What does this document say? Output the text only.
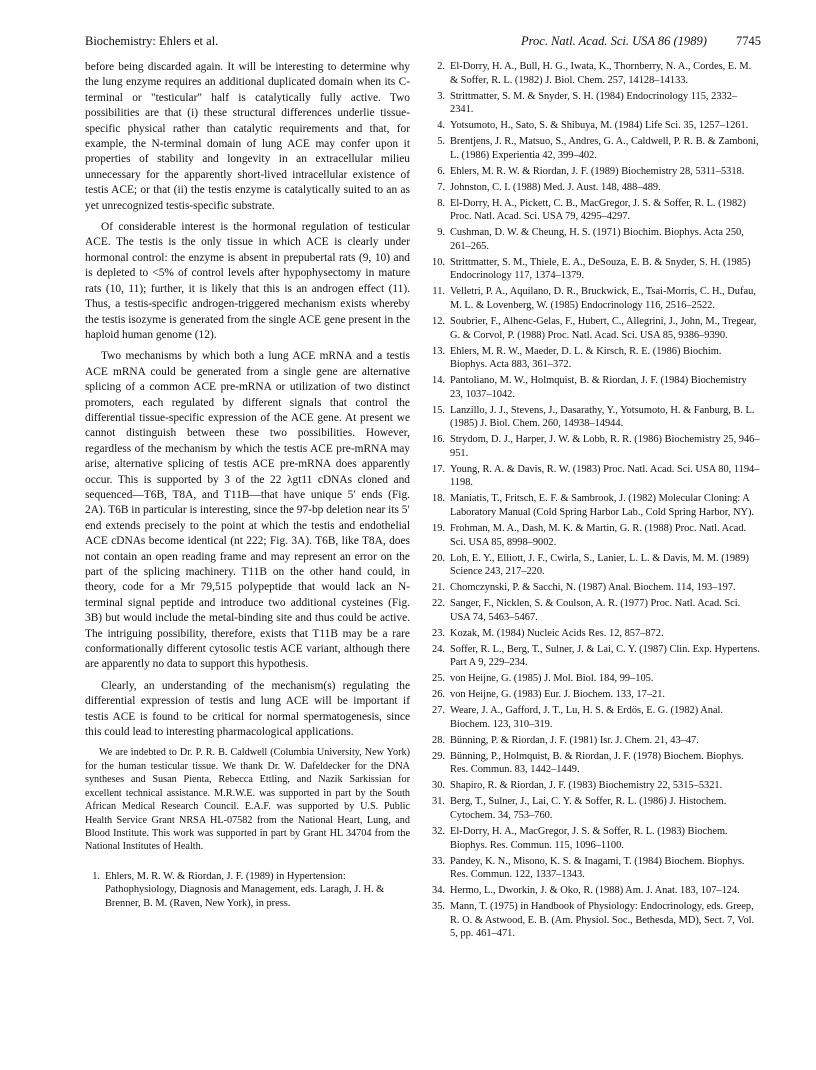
Biochemistry: Ehlers et al.	Proc. Natl. Acad. Sci. USA 86 (1989) 7745

before being discarded again. It will be interesting to determine why the lung enzyme requires an additional duplicated domain when its C-terminal or "testicular" half is catalytically fully active. Two possibilities are that (i) these structural differences underlie tissue-specific physical rather than catalytic requirements and that, for example, the N-terminal domain of lung ACE may confer upon it properties of stability and longevity in an extracellular milieu unnecessary for the apparently short-lived intracellular existence of testis ACE; or that (ii) the testis enzyme is catalytically suited to an as yet unrecognized testis-specific substrate.

Of considerable interest is the hormonal regulation of testicular ACE. The testis is the only tissue in which ACE is clearly under hormonal control: the enzyme is absent in prepubertal rats (9, 10) and is depleted to <5% of control levels after hypophysectomy in mature rats (10, 11); further, it is likely that this is an androgen effect (11). Thus, a testis-specific androgen-triggered mechanism exists whereby the testis isozyme is generated from the single ACE gene present in the haploid human genome (12).

Two mechanisms by which both a lung ACE mRNA and a testis ACE mRNA could be generated from a single gene are alternative splicing of a common ACE pre-mRNA or utilization of two distinct promoters, each regulated by different signals that control the differential tissue-specific expression of the ACE gene. At present we cannot distinguish between these two possibilities. However, regardless of the mechanism by which the testis ACE pre-mRNA may arise, alternative splicing of testis ACE pre-mRNA does apparently occur. This is supported by 3 of the 22 λgt11 cDNAs cloned and sequenced—T6B, T8A, and T11B—that have unique 5′ ends (Fig. 2A). T6B in particular is interesting, since the 97-bp deletion near its 5′ end extends precisely to the point at which the testis and endothelial ACE cDNAs become identical (nt 222; Fig. 3A). T6B, like T8A, does not contain an open reading frame and may represent an error on the part of the splicing machinery. T11B on the other hand could, in theory, code for a Mr 79,515 polypeptide that would lack an N-terminal signal peptide and introduce two additional cysteines (Fig. 3B) but would include the metal-binding site and thus could be active. The intriguing possibility, therefore, exists that T11B may be a rare conformationally different cytosolic testis ACE variant, although there are apparently no data to support this hypothesis.

Clearly, an understanding of the mechanism(s) regulating the differential expression of testis and lung ACE will be important if testis ACE is found to be critical for normal spermatogenesis, since this could lead to interesting pharmacological applications.

We are indebted to Dr. P. R. B. Caldwell (Columbia University, New York) for the human testicular tissue. We thank Dr. W. Dafeldecker for the DNA syntheses and Susan Pienta, Rebecca Ettling, and Nazik Sarkissian for excellent technical assistance. M.R.W.E. was supported in part by the South African Medical Research Council. E.A.F. was supported by U.S. Public Health Service Grant NRSA HL-07582 from the National Heart, Lung, and Blood Institute. This work was supported in part by Grant HL 34704 from the National Institutes of Health.

1. Ehlers, M. R. W. & Riordan, J. F. (1989) in Hypertension: Pathophysiology, Diagnosis and Management, eds. Laragh, J. H. & Brenner, B. M. (Raven, New York), in press.
2. El-Dorry, H. A., Bull, H. G., Iwata, K., Thornberry, N. A., Cordes, E. M. & Soffer, R. L. (1982) J. Biol. Chem. 257, 14128–14133.
3. Strittmatter, S. M. & Snyder, S. H. (1984) Endocrinology 115, 2332–2341.
4. Yotsumoto, H., Sato, S. & Shibuya, M. (1984) Life Sci. 35, 1257–1261.
5. Brentjens, J. R., Matsuo, S., Andres, G. A., Caldwell, P. R. B. & Zamboni, L. (1986) Experientia 42, 399–402.
6. Ehlers, M. R. W. & Riordan, J. F. (1989) Biochemistry 28, 5311–5318.
7. Johnston, C. I. (1988) Med. J. Aust. 148, 488–489.
8. El-Dorry, H. A., Pickett, C. B., MacGregor, J. S. & Soffer, R. L. (1982) Proc. Natl. Acad. Sci. USA 79, 4295–4297.
9. Cushman, D. W. & Cheung, H. S. (1971) Biochim. Biophys. Acta 250, 261–265.
10. Strittmatter, S. M., Thiele, E. A., DeSouza, E. B. & Snyder, S. H. (1985) Endocrinology 117, 1374–1379.
11. Velletri, P. A., Aquilano, D. R., Bruckwick, E., Tsai-Morris, C. H., Dufau, M. L. & Lovenberg, W. (1985) Endocrinology 116, 2516–2522.
12. Soubrier, F., Alhenc-Gelas, F., Hubert, C., Allegrini, J., John, M., Tregear, G. & Corvol, P. (1988) Proc. Natl. Acad. Sci. USA 85, 9386–9390.
13. Ehlers, M. R. W., Maeder, D. L. & Kirsch, R. E. (1986) Biochim. Biophys. Acta 883, 361–372.
14. Pantoliano, M. W., Holmquist, B. & Riordan, J. F. (1984) Biochemistry 23, 1037–1042.
15. Lanzillo, J. J., Stevens, J., Dasarathy, Y., Yotsumoto, H. & Fanburg, B. L. (1985) J. Biol. Chem. 260, 14938–14944.
16. Strydom, D. J., Harper, J. W. & Lobb, R. R. (1986) Biochemistry 25, 946–951.
17. Young, R. A. & Davis, R. W. (1983) Proc. Natl. Acad. Sci. USA 80, 1194–1198.
18. Maniatis, T., Fritsch, E. F. & Sambrook, J. (1982) Molecular Cloning: A Laboratory Manual (Cold Spring Harbor Lab., Cold Spring Harbor, NY).
19. Frohman, M. A., Dash, M. K. & Martin, G. R. (1988) Proc. Natl. Acad. Sci. USA 85, 8998–9002.
20. Loh, E. Y., Elliott, J. F., Cwirla, S., Lanier, L. L. & Davis, M. M. (1989) Science 243, 217–220.
21. Chomczynski, P. & Sacchi, N. (1987) Anal. Biochem. 114, 193–197.
22. Sanger, F., Nicklen, S. & Coulson, A. R. (1977) Proc. Natl. Acad. Sci. USA 74, 5463–5467.
23. Kozak, M. (1984) Nucleic Acids Res. 12, 857–872.
24. Soffer, R. L., Berg, T., Sulner, J. & Lai, C. Y. (1987) Clin. Exp. Hypertens. Part A 9, 229–234.
25. von Heijne, G. (1985) J. Mol. Biol. 184, 99–105.
26. von Heijne, G. (1983) Eur. J. Biochem. 133, 17–21.
27. Weare, J. A., Gafford, J. T., Lu, H. S. & Erdös, E. G. (1982) Anal. Biochem. 123, 310–319.
28. Bünning, P. & Riordan, J. F. (1981) Isr. J. Chem. 21, 43–47.
29. Bünning, P., Holmquist, B. & Riordan, J. F. (1978) Biochem. Biophys. Res. Commun. 83, 1442–1449.
30. Shapiro, R. & Riordan, J. F. (1983) Biochemistry 22, 5315–5321.
31. Berg, T., Sulner, J., Lai, C. Y. & Soffer, R. L. (1986) J. Histochem. Cytochem. 34, 753–760.
32. El-Dorry, H. A., MacGregor, J. S. & Soffer, R. L. (1983) Biochem. Biophys. Res. Commun. 115, 1096–1100.
33. Pandey, K. N., Misono, K. S. & Inagami, T. (1984) Biochem. Biophys. Res. Commun. 122, 1337–1343.
34. Hermo, L., Dworkin, J. & Oko, R. (1988) Am. J. Anat. 183, 107–124.
35. Mann, T. (1975) in Handbook of Physiology: Endocrinology, eds. Greep, R. O. & Astwood, E. B. (Am. Physiol. Soc., Bethesda, MD), Sect. 7, Vol. 5, pp. 461–471.
